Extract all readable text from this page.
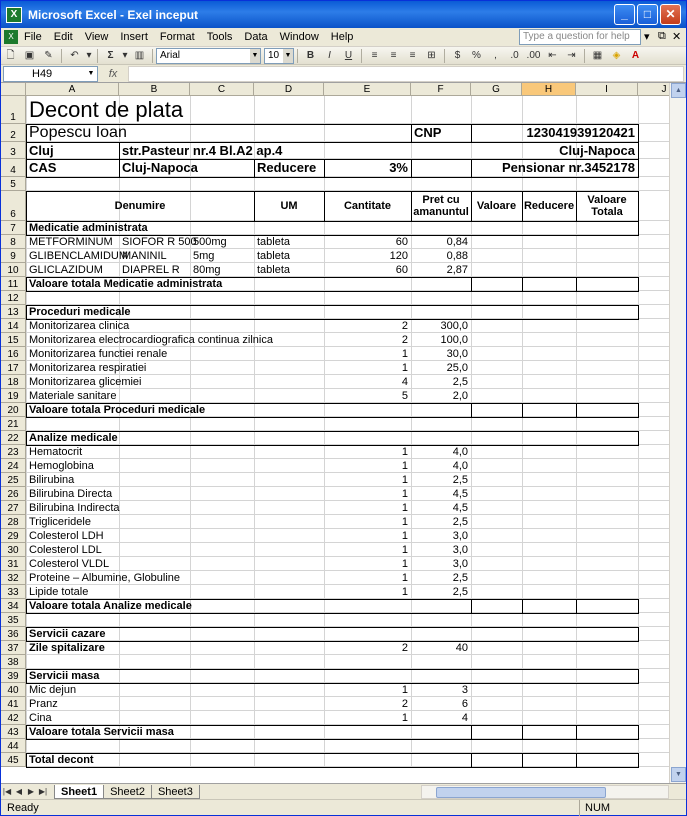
X Microsoft Excel - Exel inceput	_	□	✕
X File	Edit	View	Insert	Format	Tools	Data	Window	Help	Type a question for help	▾ ⧉ ✕
🗋	▣	✎	↶ ▾	Σ ▾ ▥	Arial	▼ 10 ▼	B	I	U	≡	≡	≡	⊞	$	%	,	.0 .00 ⇤	⇥	▦	◈	A
H49	▼	fx
A	B	C	D	E	F	G	H	I	J
1
2
3
4
5
6
7
8
9
10
11
12
13
14
15
16
17
18
19
20
21
22
23
24
25
26
27
28
29
30
31
32
33
34
35
36
37
38
39
40
41
42
43
44
45
Decont de plata
Popescu Ioan	CNP	123041939120421
Cluj	str.Pasteur nr.4 Bl.A2 ap.4	Cluj-Napoca
CAS	Cluj-Napoca	Reducere	3%	Pensionar nr.3452178
Denumire	UM	Cantitate	Pret cu amanuntul Valoare Reducere	Valoare Totala
Medicatie administrata
METFORMINUM SIOFOR R 500
500mg	tableta	60	0,84
GLIBENCLAMIDUM
MANINIL 5mg	tableta	120	0,88
GLICLAZIDUM DIAPREL R 80mg	tableta	60	2,87
Valoare totala Medicatie administrata
Proceduri medicale
Monitorizarea clinica	2	300,0
Monitorizarea electrocardiografica continua zilnica	2	100,0
Monitorizarea functiei renale	1	30,0
Monitorizarea respiratiei	1	25,0
Monitorizarea glicemiei	4	2,5
Materiale sanitare	5	2,0
Valoare totala Proceduri medicale
Analize medicale
Hematocrit	1	4,0
Hemoglobina	1	4,0
Bilirubina	1	2,5
Bilirubina Directa	1	4,5
Bilirubina Indirecta	1	4,5
Trigliceridele	1	2,5
Colesterol LDH	1	3,0
Colesterol LDL	1	3,0
Colesterol VLDL	1	3,0
Proteine – Albumine, Globuline	1	2,5
Lipide totale	1	2,5
Valoare totala Analize medicale
Servicii cazare
Zile spitalizare	2	40
Servicii masa
Mic dejun	1	3
Pranz	2	6
Cina	1	4
Valoare totala Servicii masa
Total decont
▲
▼
|◀ ◀ ▶ ▶|	Sheet1	Sheet2	Sheet3
Ready	NUM
